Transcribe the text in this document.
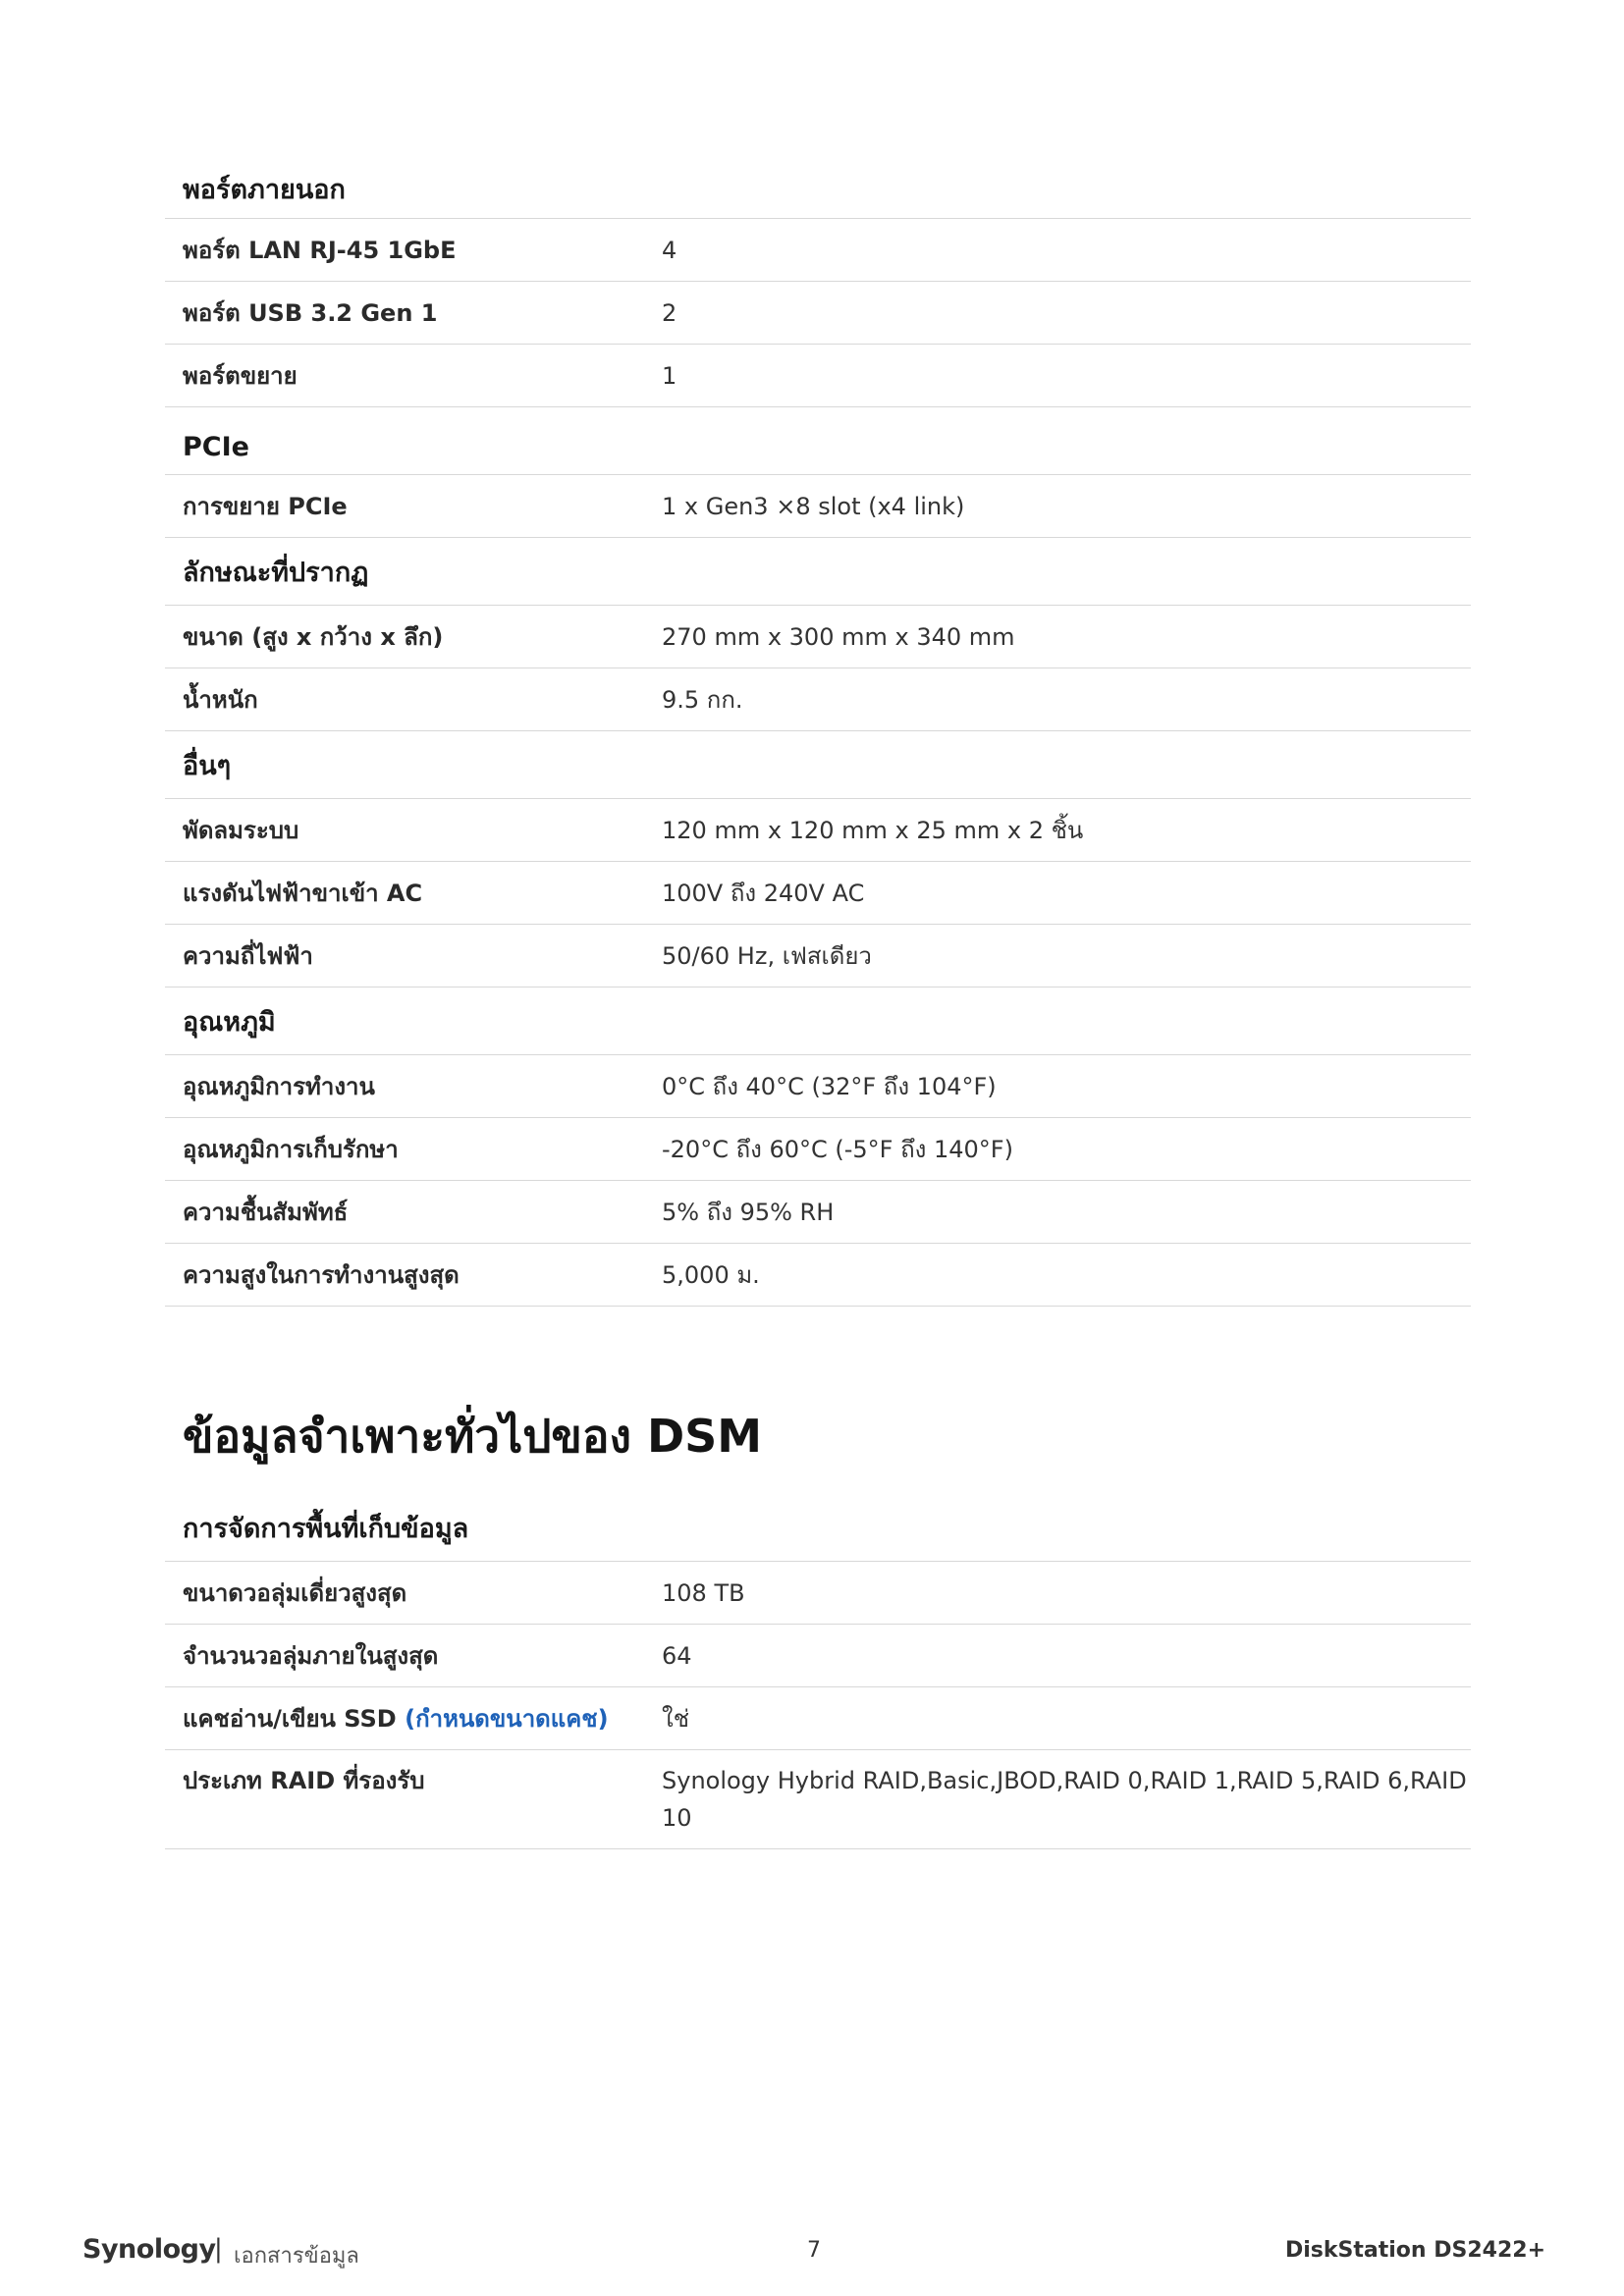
พอร์ตภายนอก
พอร์ต LAN RJ-45 1GbE	4
พอร์ต USB 3.2 Gen 1	2
พอร์ตขยาย	1
PCIe
การขยาย PCIe	1 x Gen3 ×8 slot (x4 link)
ลักษณะที่ปรากฏ
ขนาด (สูง x กว้าง x ลึก)	270 mm x 300 mm x 340 mm
น้ำหนัก	9.5 กก.
อื่นๆ
พัดลมระบบ	120 mm x 120 mm x 25 mm x 2 ชิ้น
แรงดันไฟฟ้าขาเข้า AC	100V ถึง 240V AC
ความถี่ไฟฟ้า	50/60 Hz, เฟสเดียว
อุณหภูมิ
อุณหภูมิการทำงาน	0°C ถึง 40°C (32°F ถึง 104°F)
อุณหภูมิการเก็บรักษา	-20°C ถึง 60°C (-5°F ถึง 140°F)
ความชื้นสัมพัทธ์	5% ถึง 95% RH
ความสูงในการทำงานสูงสุด	5,000 ม.
ข้อมูลจำเพาะทั่วไปของ DSM
การจัดการพื้นที่เก็บข้อมูล
ขนาดวอลุ่มเดี่ยวสูงสุด	108 TB
จำนวนวอลุ่มภายในสูงสุด	64
แคชอ่าน/เขียน SSD (กำหนดขนาดแคช)	ใช่
ประเภท RAID ที่รองรับ	Synology Hybrid RAID,Basic,JBOD,RAID 0,RAID 1,RAID 5,RAID 6,RAID 10
Synology
| เอกสารข้อมูล	7	DiskStation DS2422+
